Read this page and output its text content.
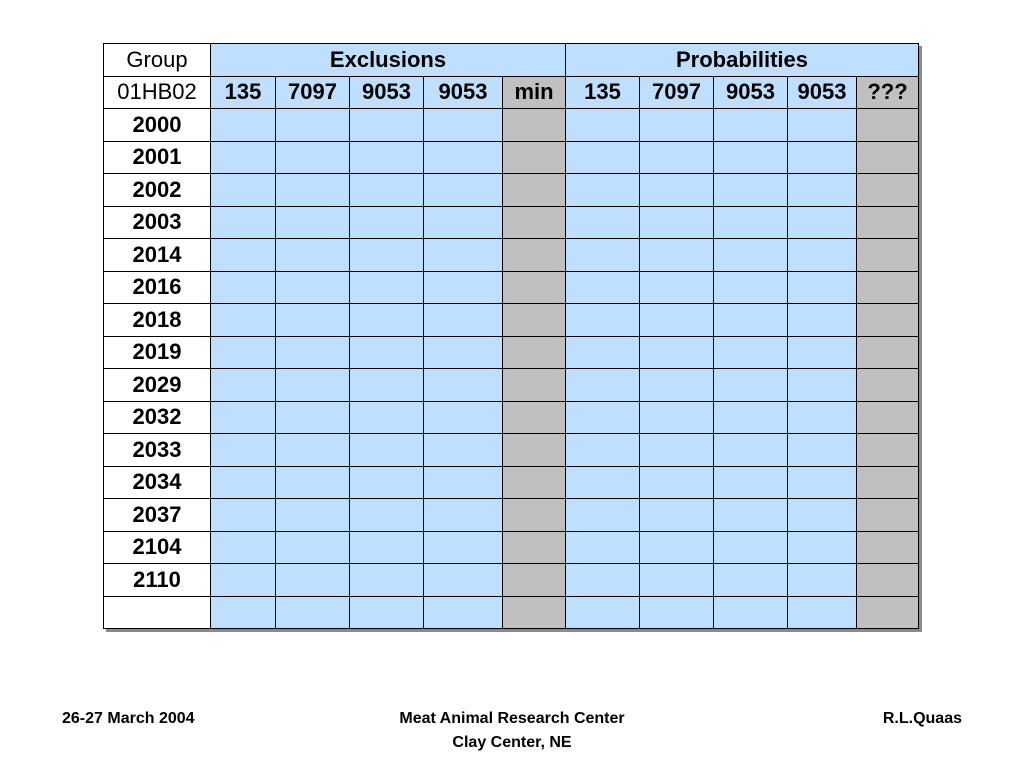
Group	Exclusions					Probabilities				
01HB02	135	7097	9053	9053	min	135	7097	9053	9053	???
2000										
2001										
2002										
2003										
2014										
2016										
2018										
2019										
2029										
2032										
2033										
2034										
2037										
2104										
2110										

26-27 March 2004	Meat Animal Research Center
Clay Center, NE
R.L.Quaas
